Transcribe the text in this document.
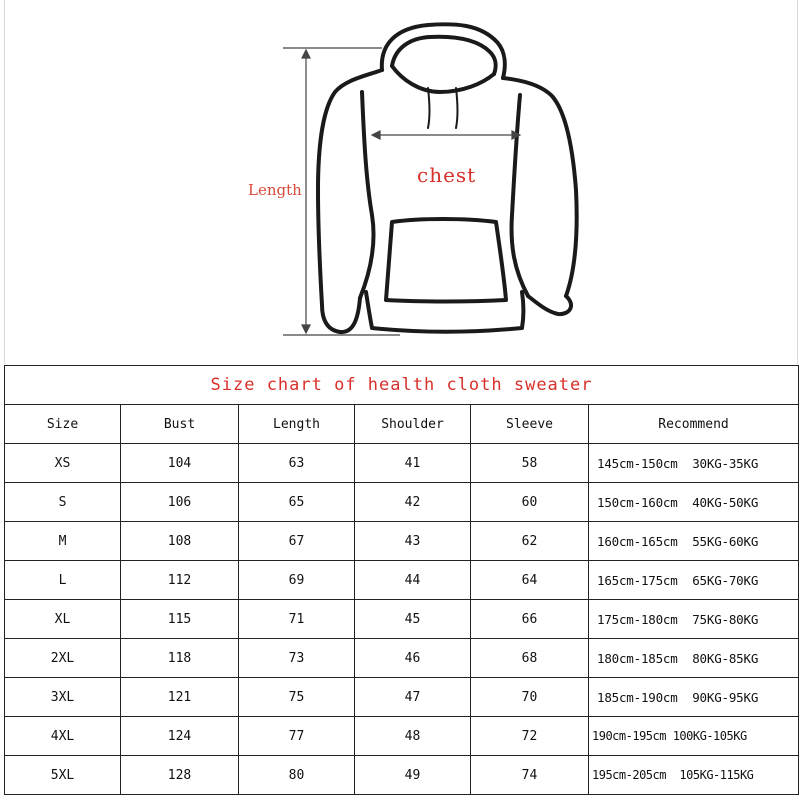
Length
chest
Size chart of health cloth sweater					
Size	Bust	Length	Shoulder	Sleeve	Recommend
XS	104	63	41	58	145cm-150cm  30KG-35KG
S	106	65	42	60	150cm-160cm  40KG-50KG
M	108	67	43	62	160cm-165cm  55KG-60KG
L	112	69	44	64	165cm-175cm  65KG-70KG
XL	115	71	45	66	175cm-180cm  75KG-80KG
2XL	118	73	46	68	180cm-185cm  80KG-85KG
3XL	121	75	47	70	185cm-190cm  90KG-95KG
4XL	124	77	48	72	190cm-195cm 100KG-105KG
5XL	128	80	49	74	195cm-205cm  105KG-115KG
